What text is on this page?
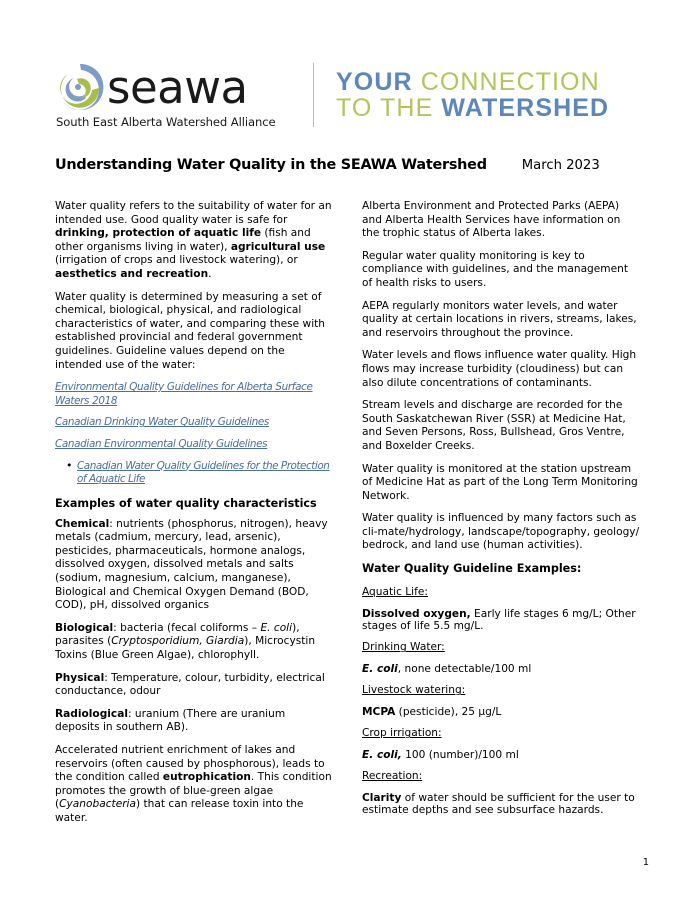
seawa
South East Alberta Watershed Alliance
YOUR CONNECTION
TO THE WATERSHED
Understanding Water Quality in the SEAWA Watershed	March 2023

Water quality refers to the suitability of water for an intended use. Good quality water is safe for drinking, protection of aquatic life (fish and other organisms living in water), agricultural use (irrigation of crops and livestock watering), or aesthetics and recreation.

Water quality is determined by measuring a set of chemical, biological, physical, and radiological characteristics of water, and comparing these with established provincial and federal government guidelines. Guideline values depend on the intended use of the water:

Environmental Quality Guidelines for Alberta Surface Waters 2018
Canadian Drinking Water Quality Guidelines
Canadian Environmental Quality Guidelines
• Canadian Water Quality Guidelines for the Protection of Aquatic Life
Examples of water quality characteristics

Chemical: nutrients (phosphorus, nitrogen), heavy metals (cadmium, mercury, lead, arsenic), pesticides, pharmaceuticals, hormone analogs, dissolved oxygen, dissolved metals and salts (sodium, magnesium, calcium, manganese), Biological and Chemical Oxygen Demand (BOD, COD), pH, dissolved organics

Biological: bacteria (fecal coliforms – E. coli), parasites (Cryptosporidium, Giardia), Microcystin Toxins (Blue Green Algae), chlorophyll.

Physical: Temperature, colour, turbidity, electrical conductance, odour

Radiological: uranium (There are uranium deposits in southern AB).

Accelerated nutrient enrichment of lakes and reservoirs (often caused by phosphorous), leads to the condition called eutrophication. This condition promotes the growth of blue-green algae (Cyanobacteria) that can release toxin into the water.

Alberta Environment and Protected Parks (AEPA) and Alberta Health Services have information on the trophic status of Alberta lakes.

Regular water quality monitoring is key to compliance with guidelines, and the management of health risks to users.

AEPA regularly monitors water levels, and water quality at certain locations in rivers, streams, lakes, and reservoirs throughout the province.

Water levels and flows influence water quality. High flows may increase turbidity (cloudiness) but can also dilute concentrations of contaminants.

Stream levels and discharge are recorded for the South Saskatchewan River (SSR) at Medicine Hat, and Seven Persons, Ross, Bullshead, Gros Ventre, and Boxelder Creeks.

Water quality is monitored at the station upstream of Medicine Hat as part of the Long Term Monitoring Network.

Water quality is influenced by many factors such as cli-mate/hydrology, landscape/topography, geology/ bedrock, and land use (human activities).

Water Quality Guideline Examples:
Aquatic Life:

Dissolved oxygen, Early life stages 6 mg/L; Other stages of life 5.5 mg/L.

Drinking Water:

E. coli, none detectable/100 ml

Livestock watering:

MCPA (pesticide), 25 µg/L

Crop irrigation:

E. coli, 100 (number)/100 ml

Recreation:

Clarity of water should be sufficient for the user to estimate depths and see subsurface hazards.

1
